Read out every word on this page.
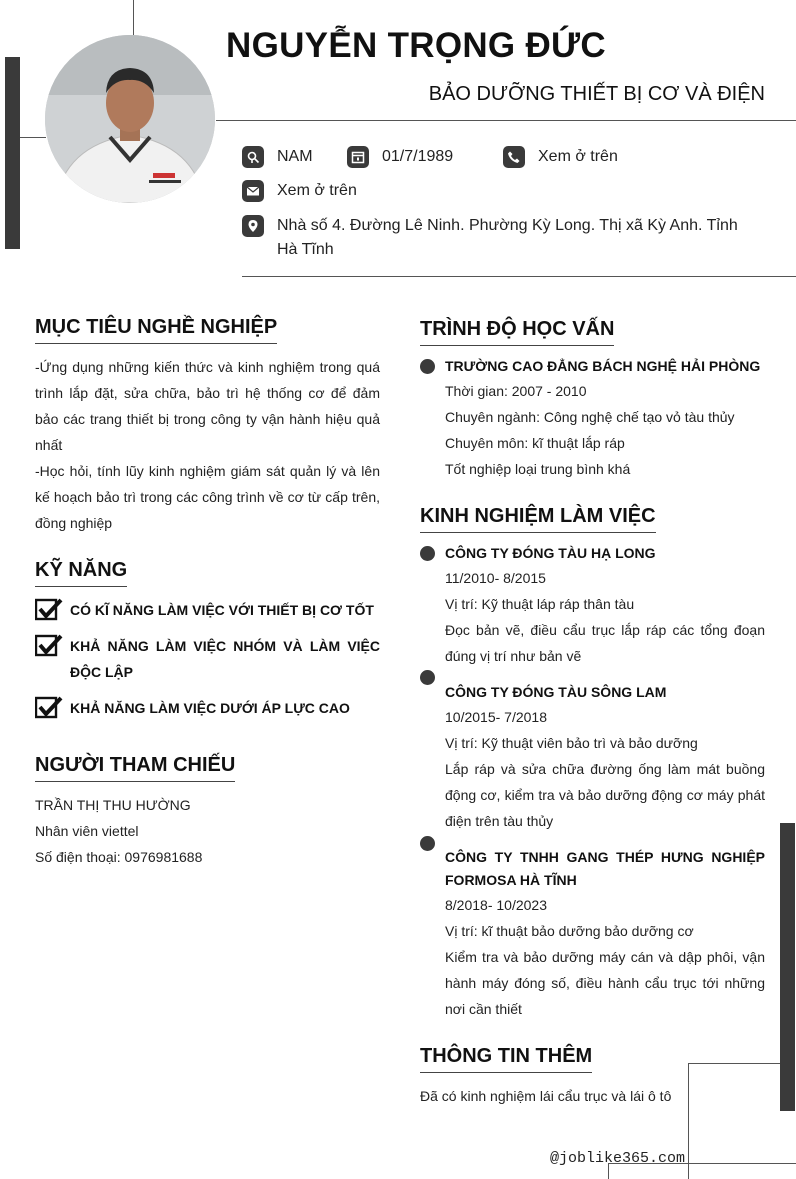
NGUYỄN TRỌNG ĐỨC
BẢO DƯỠNG THIẾT BỊ CƠ VÀ ĐIỆN
NAM	01/7/1989	Xem ở trên
Xem ở trên
Nhà số 4. Đường Lê Ninh. Phường Kỳ Long. Thị xã Kỳ Anh. Tỉnh Hà Tĩnh
MỤC TIÊU NGHỀ NGHIỆP

-Ứng dụng những kiến thức và kinh nghiệm trong quá trình lắp đặt, sửa chữa, bảo trì hệ thống cơ để đảm bảo các trang thiết bị trong công ty vận hành hiệu quả nhất

-Học hỏi, tính lũy kinh nghiệm giám sát quản lý và lên kế hoạch bảo trì trong các công trình về cơ từ cấp trên, đồng nghiệp

KỸ NĂNG
CÓ KĨ NĂNG LÀM VIỆC VỚI THIẾT BỊ CƠ TỐT
KHẢ NĂNG LÀM VIỆC NHÓM VÀ LÀM VIỆC ĐỘC LẬP
KHẢ NĂNG LÀM VIỆC DƯỚI ÁP LỰC CAO
NGƯỜI THAM CHIẾU
TRẦN THỊ THU HƯỜNG
Nhân viên viettel
Số điện thoại: 0976981688
TRÌNH ĐỘ HỌC VẤN
TRƯỜNG CAO ĐẲNG BÁCH NGHỆ HẢI PHÒNG

Thời gian: 2007 - 2010

Chuyên ngành: Công nghệ chế tạo vỏ tàu thủy

Chuyên môn: kĩ thuật lắp ráp

Tốt nghiệp loại trung bình khá

KINH NGHIỆM LÀM VIỆC
CÔNG TY ĐÓNG TÀU HẠ LONG

11/2010- 8/2015

Vị trí: Kỹ thuật láp ráp thân tàu

Đọc bản vẽ, điều cẩu trục lắp ráp các tổng đoạn đúng vị trí như bản vẽ

CÔNG TY ĐÓNG TÀU SÔNG LAM

10/2015- 7/2018

Vị trí: Kỹ thuật viên bảo trì và bảo dưỡng

Lắp ráp và sửa chữa đường ống làm mát buồng động cơ, kiểm tra và bảo dưỡng động cơ máy phát điện trên tàu thủy

CÔNG TY TNHH GANG THÉP HƯNG NGHIỆP FORMOSA HÀ TĨNH

8/2018- 10/2023

Vị trí: kĩ thuật bảo dưỡng bảo dưỡng cơ

Kiểm tra và bảo dưỡng máy cán và dập phôi, vận hành máy đóng số, điều hành cẩu trục tới những nơi cần thiết

THÔNG TIN THÊM
Đã có kinh nghiệm lái cẩu trục và lái ô tô
@joblike365.com
